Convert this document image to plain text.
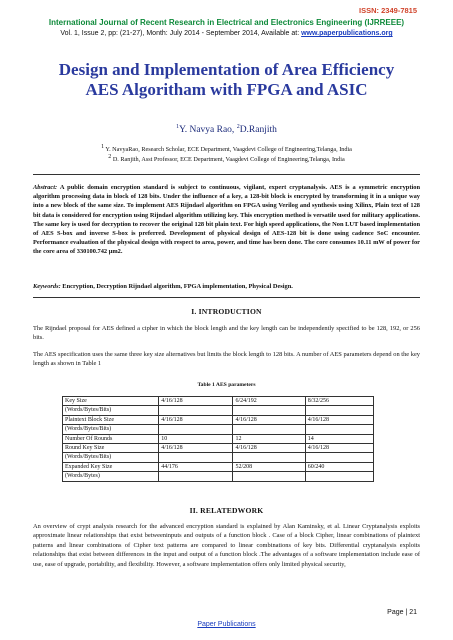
ISSN: 2349-7815
International Journal of Recent Research in Electrical and Electronics Engineering (IJRREEE)
Vol. 1, Issue 2, pp: (21-27), Month: July 2014 - September 2014, Available at: www.paperpublications.org
Design and Implementation of Area Efficiency
AES Algoritham with FPGA and ASIC
$^1$Y. Navya Rao, $^2$D.Ranjith
$^1$ Y. NavyaRao, Research Scholar, ECE Department, Vaagdevi College of Engineering,Telanga, India
$^2$ D. Ranjith, Asst Professor, ECE Department, Vaagdevi College of Engineering,Telanga, India
Abstract: A public domain encryption standard is subject to continuous, vigilant, expert cryptanalysis. AES is a symmetric encryption algorithm processing data in block of 128 bits. Under the influence of a key, a 128-bit block is encrypted by transforming it in a unique way into a new block of the same size. To implement AES Rijndael algorithm on FPGA using Verilog and synthesis using Xilinx, Plain text of 128 bit data is considered for encryption using Rijndael algorithm utilizing key. This encryption method is versatile used for military applications. The same key is used for decryption to recover the original 128 bit plain text. For high speed applications, the Non LUT based implementation of AES S-box and inverse S-box is preferred. Development of physical design of AES-128 bit is done using cadence SoC encounter. Performance evaluation of the physical design with respect to area, power, and time has been done. The core consumes 10.11 mW of power for the core area of 330100.742 μm2.
Keywords: Encryption, Decryption Rijndael algorithm, FPGA implementation, Physical Design.
I. INTRODUCTION
The Rijndael proposal for AES defined a cipher in which the block length and the key length can be independently specified to be 128, 192, or 256 bits.
The AES specification uses the same three key size alternatives but limits the block length to 128 bits. A number of AES parameters depend on the key length as shown in Table 1
Table 1 AES parameters
Key Size	4/16/128	6/24/192	8/32/256
(Words/Bytes/Bits)			
Plaintext Block Size	4/16/128	4/16/128	4/16/128
(Words/Bytes/Bits)			
Number Of Rounds	10	12	14
Round Key Size	4/16/128	4/16/128	4/16/128
(Words/Bytes/Bits)			
Expanded Key Size	44/176	52/208	60/240
(Words/Bytes)			
II. RELATEDWORK
An overview of crypt analysis research for the advanced encryption standard is explained by Alan Kaminsky, et al. Linear Cryptanalysis exploits approximate linear relationships that exist betweeninputs and outputs of a function block . Case of a block Cipher, linear combinations of plaintext patterns and linear combinations of Cipher text patterns are compared to linear combinations of key bits. Differential cryptanalysis exploits relationships that exist between differences in the input and output of a function block .The advantages of a software implementation include ease of use, ease of upgrade, portability, and flexibility. However, a software implementation offers only limited physical security,
Page | 21
Paper Publications
